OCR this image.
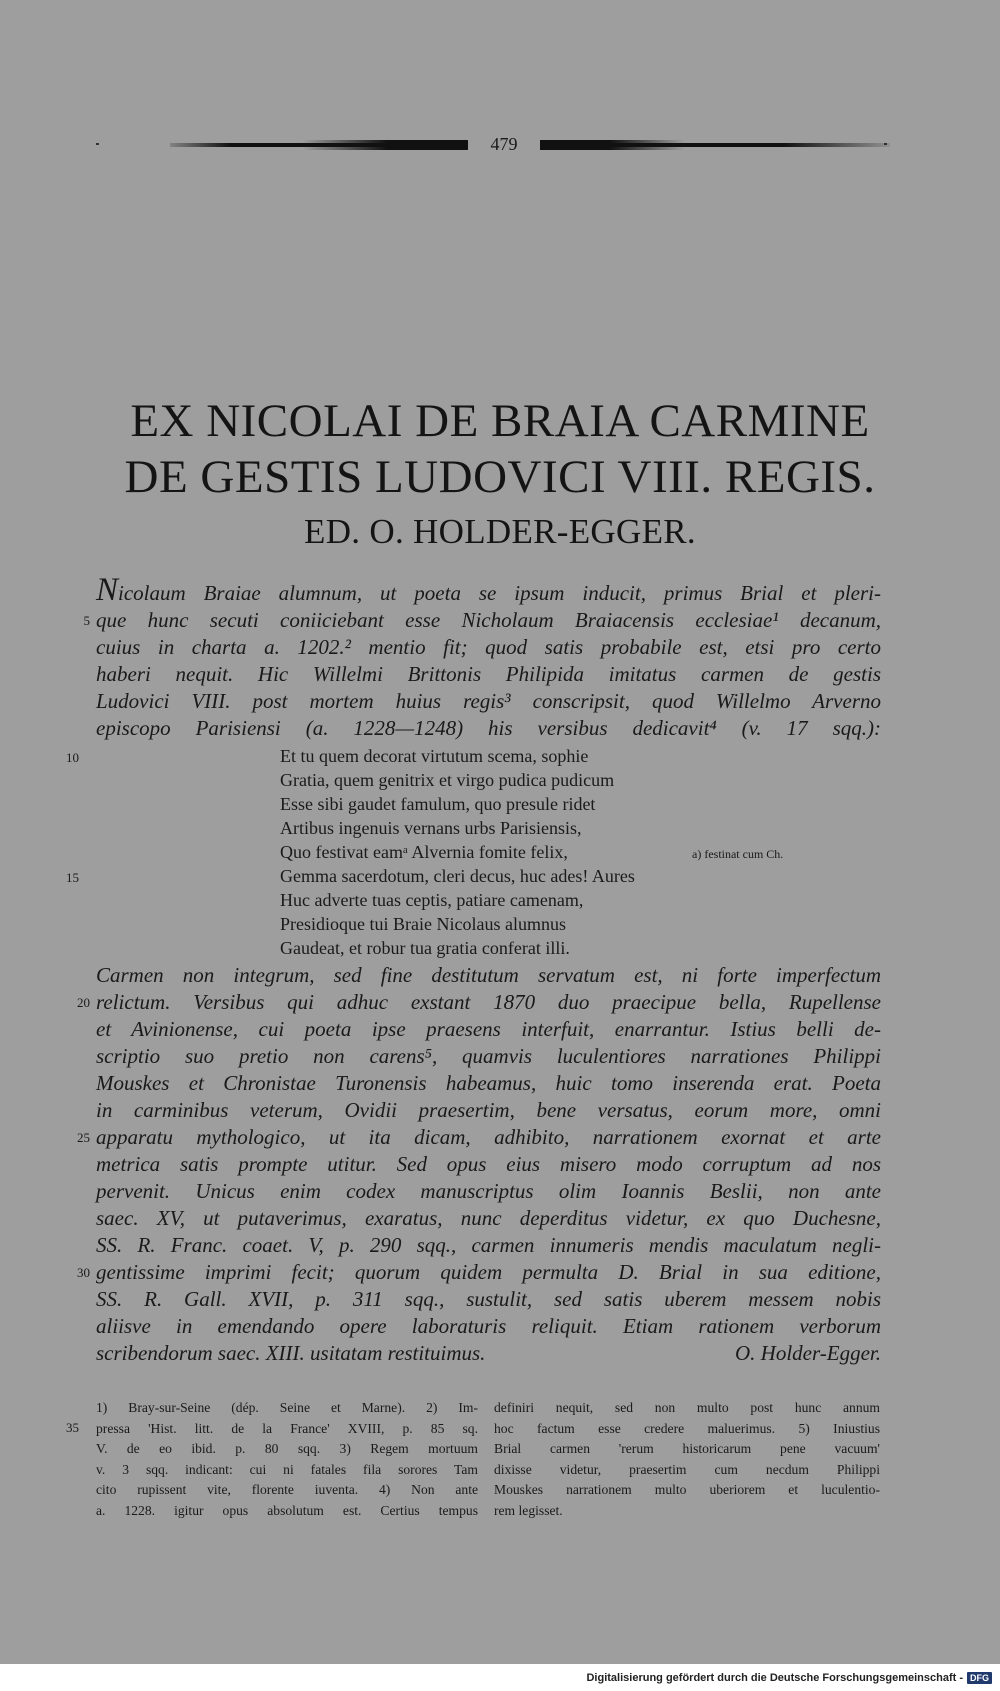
479
EX NICOLAI DE BRAIA CARMINE
DE GESTIS LUDOVICI VIII. REGIS.
ED. O. HOLDER-EGGER.
Nicolaum Braiae alumnum, ut poeta se ipsum inducit, primus Brial et pleri-
que hunc secuti coniiciebant esse Nicholaum Braiacensis ecclesiae¹ decanum,
cuius in charta a. 1202.² mentio fit; quod satis probabile est, etsi pro certo
haberi nequit. Hic Willelmi Brittonis Philipida imitatus carmen de gestis
Ludovici VIII. post mortem huius regis³ conscripsit, quod Willelmo Arverno
episcopo Parisiensi (a. 1228—1248) his versibus dedicavit⁴ (v. 17 sqq.):
5
Et tu quem decorat virtutum scema, sophie
Gratia, quem genitrix et virgo pudica pudicum
Esse sibi gaudet famulum, quo presule ridet
Artibus ingenuis vernans urbs Parisiensis,
Quo festivat eamᵃ Alvernia fomite felix,
Gemma sacerdotum, cleri decus, huc ades! Aures
Huc adverte tuas ceptis, patiare camenam,
Presidioque tui Braie Nicolaus alumnus
Gaudeat, et robur tua gratia conferat illi.
10
15
a) festinat cum Ch.
Carmen non integrum, sed fine destitutum servatum est, ni forte imperfectum
relictum. Versibus qui adhuc exstant 1870 duo praecipue bella, Rupellense
et Avinionense, cui poeta ipse praesens interfuit, enarrantur. Istius belli de-
scriptio suo pretio non carens⁵, quamvis luculentiores narrationes Philippi
Mouskes et Chronistae Turonensis habeamus, huic tomo inserenda erat. Poeta
in carminibus veterum, Ovidii praesertim, bene versatus, eorum more, omni
apparatu mythologico, ut ita dicam, adhibito, narrationem exornat et arte
metrica satis prompte utitur. Sed opus eius misero modo corruptum ad nos
pervenit. Unicus enim codex manuscriptus olim Ioannis Beslii, non ante
saec. XV, ut putaverimus, exaratus, nunc deperditus videtur, ex quo Duchesne,
SS. R. Franc. coaet. V, p. 290 sqq., carmen innumeris mendis maculatum negli-
gentissime imprimi fecit; quorum quidem permulta D. Brial in sua editione,
SS. R. Gall. XVII, p. 311 sqq., sustulit, sed satis uberem messem nobis
aliisve in emendando opere laboraturis reliquit. Etiam rationem verborum
scribendorum saec. XIII. usitatam restituimus.	O. Holder-Egger.
20
25
30
1) Bray-sur-Seine (dép. Seine et Marne). 2) Im-
pressa 'Hist. litt. de la France' XVIII, p. 85 sq.
V. de eo ibid. p. 80 sqq. 3) Regem mortuum
v. 3 sqq. indicant: cui ni fatales fila sorores Tam
cito rupissent vite, florente iuventa. 4) Non ante
a. 1228. igitur opus absolutum est. Certius tempus
definiri nequit, sed non multo post hunc annum
hoc factum esse credere maluerimus. 5) Iniustius
Brial carmen 'rerum historicarum pene vacuum'
dixisse videtur, praesertim cum necdum Philippi
Mouskes narrationem multo uberiorem et luculentio-
rem legisset.
35
Digitalisierung gefördert durch die Deutsche Forschungsgemeinschaft - DFG
